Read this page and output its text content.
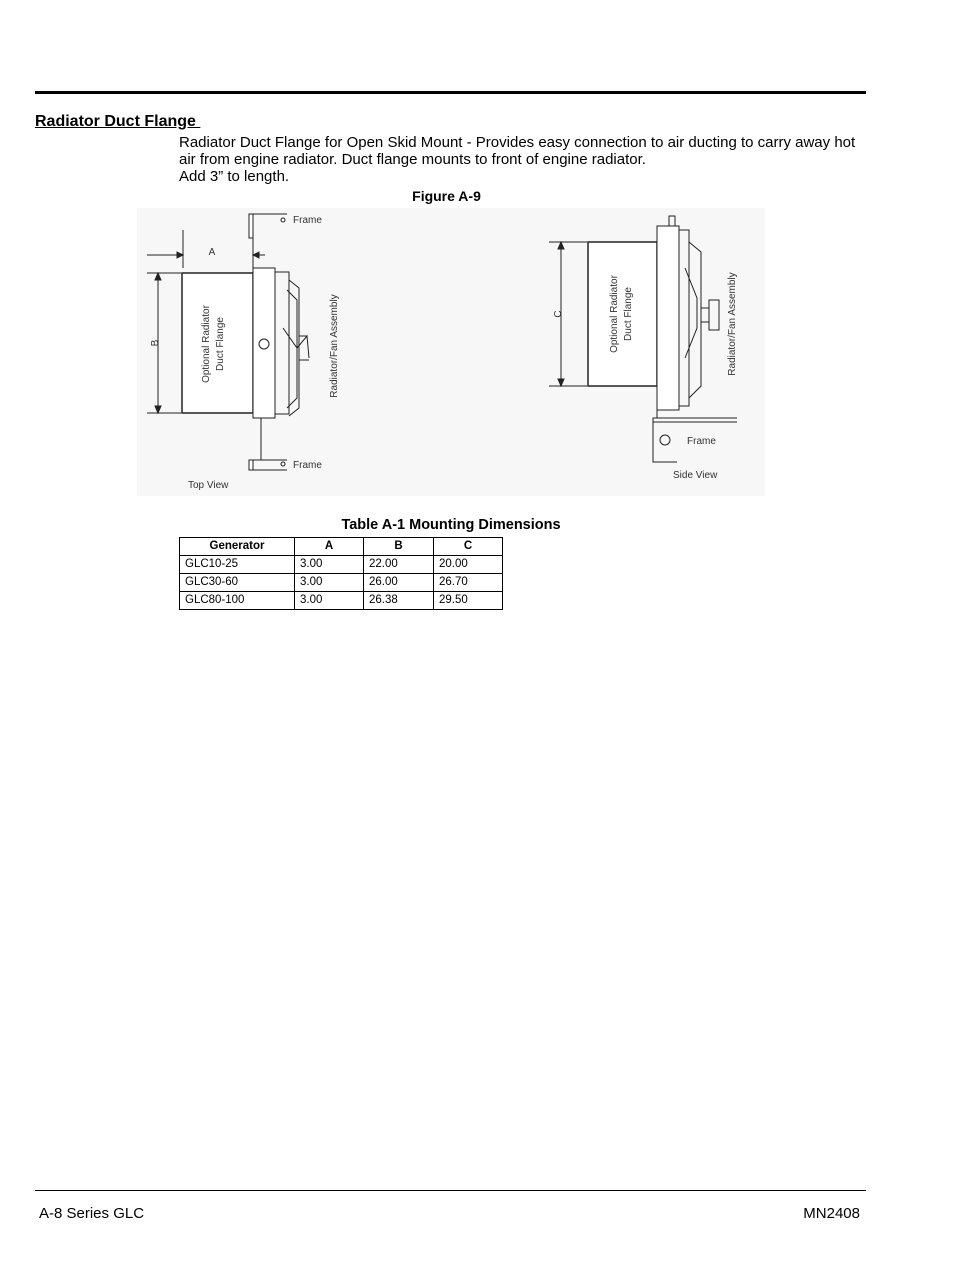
Radiator Duct Flange

Radiator Duct Flange for Open Skid Mount - Provides easy connection to air ducting to carry away hot air from engine radiator. Duct flange mounts to front of engine radiator.

Add 3” to length.

Figure A-9
A
B
Frame
Frame
Optional Radiator Duct Flange	Radiator/Fan Assembly
Top View
C	Optional Radiator Duct Flange	Radiator/Fan Assembly
Frame
Side View
Table A-1 Mounting Dimensions
Generator	A	B	C
GLC10-25	3.00	22.00	20.00
GLC30-60	3.00	26.00	26.70
GLC80-100	3.00	26.38	29.50
A-8 Series GLC	MN2408
